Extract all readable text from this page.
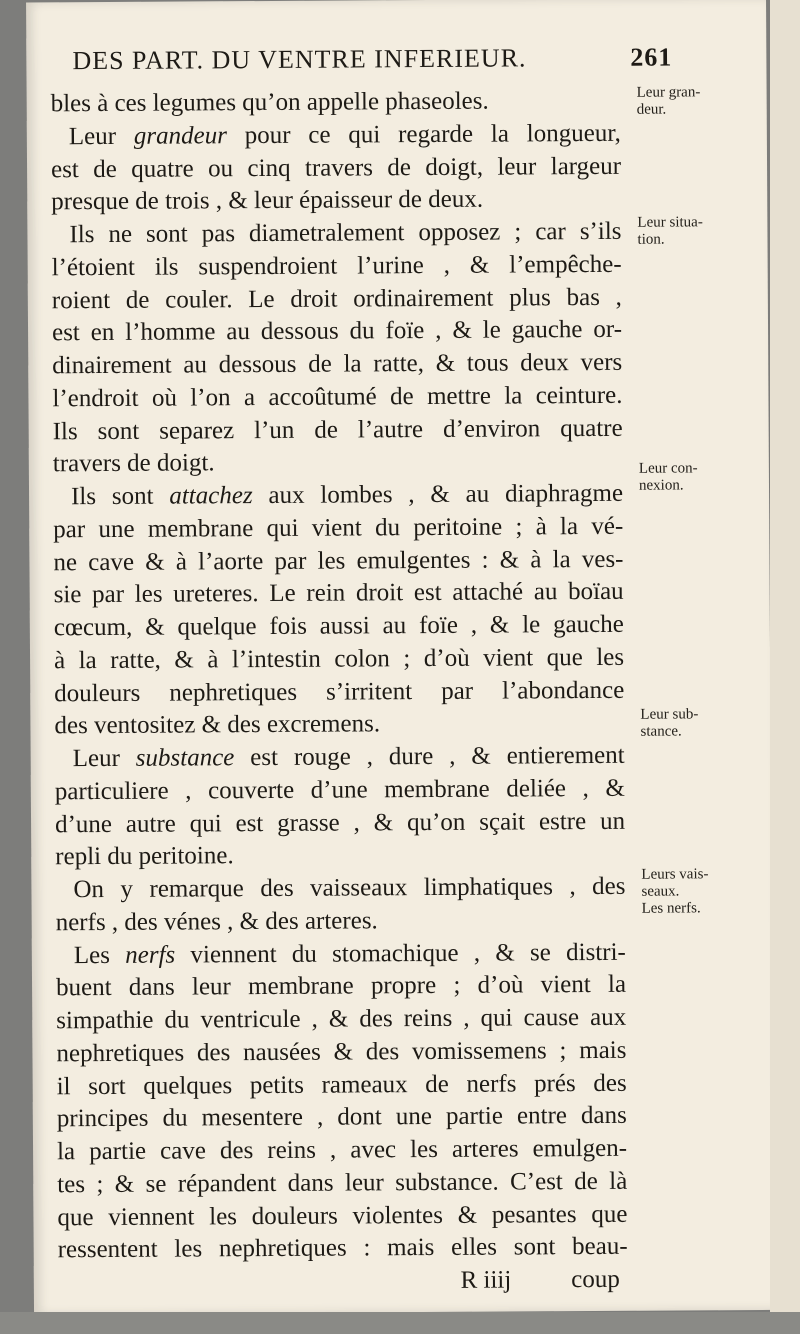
DES PART. DU VENTRE INFERIEUR.	261
bles à ces legumes qu’on appelle phaseoles.
Leur grandeur pour ce qui regarde la longueur,
est de quatre ou cinq travers de doigt, leur largeur
presque de trois , & leur épaisseur de deux.
Ils ne sont pas diametralement opposez ; car s’ils
l’étoient ils suspendroient l’urine , & l’empêche-
roient de couler. Le droit ordinairement plus bas ,
est en l’homme au dessous du foïe , & le gauche or-
dinairement au dessous de la ratte, & tous deux vers
l’endroit où l’on a accoûtumé de mettre la ceinture.
Ils sont separez l’un de l’autre d’environ quatre
travers de doigt.
Ils sont attachez aux lombes , & au diaphragme
par une membrane qui vient du peritoine ; à la vé-
ne cave & à l’aorte par les emulgentes : & à la ves-
sie par les ureteres. Le rein droit est attaché au boïau
cœcum, & quelque fois aussi au foïe , & le gauche
à la ratte, & à l’intestin colon ; d’où vient que les
douleurs nephretiques s’irritent par l’abondance
des ventositez & des excremens.
Leur substance est rouge , dure , & entierement
particuliere , couverte d’une membrane deliée , &
d’une autre qui est grasse , & qu’on sçait estre un
repli du peritoine.
On y remarque des vaisseaux limphatiques , des
nerfs , des vénes , & des arteres.
Les nerfs viennent du stomachique , & se distri-
buent dans leur membrane propre ; d’où vient la
simpathie du ventricule , & des reins , qui cause aux
nephretiques des nausées & des vomissemens ; mais
il sort quelques petits rameaux de nerfs prés des
principes du mesentere , dont une partie entre dans
la partie cave des reins , avec les arteres emulgen-
tes ; & se répandent dans leur substance. C’est de là
que viennent les douleurs violentes & pesantes que
ressentent les nephretiques : mais elles sont beau-
R iiij coup
Leur gran-
deur.
Leur situa-
tion.
Leur con-
nexion.
Leur sub-
stance.
Leurs vais-
seaux.
Les nerfs.
